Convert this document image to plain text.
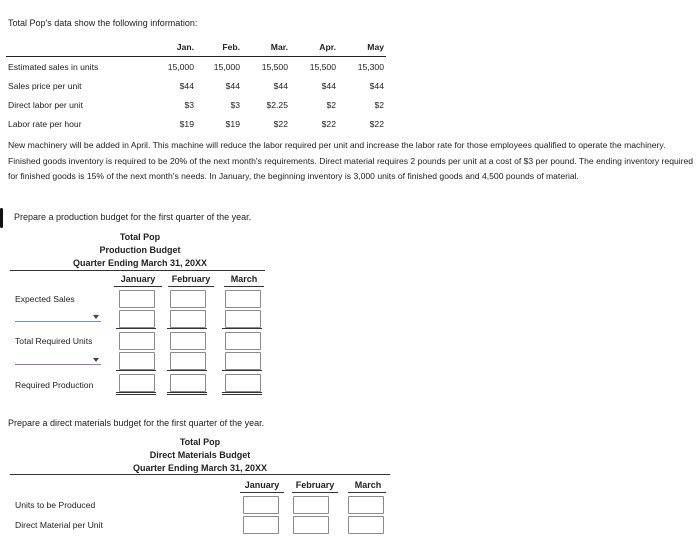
Total Pop's data show the following information:
	Jan.	Feb.	Mar.	Apr.	May
Estimated sales in units	15,000	15,000	15,500	15,500	15,300
Sales price per unit	$44	$44	$44	$44	$44
Direct labor per unit	$3	$3	$2.25	$2	$2
Labor rate per hour	$19	$19	$22	$22	$22
New machinery will be added in April. This machine will reduce the labor required per unit and increase the labor rate for those employees qualified to operate the machinery. Finished goods inventory is required to be 20% of the next month's requirements. Direct material requires 2 pounds per unit at a cost of $3 per pound. The ending inventory required for finished goods is 15% of the next month's needs. In January, the beginning inventory is 3,000 units of finished goods and 4,500 pounds of material.
Prepare a production budget for the first quarter of the year.
Total Pop
Production Budget
Quarter Ending March 31, 20XX
January	February	March
Expected Sales
Total Required Units
Required Production
Prepare a direct materials budget for the first quarter of the year.
Total Pop
Direct Materials Budget
Quarter Ending March 31, 20XX
January	February	March
Units to be Produced
Direct Material per Unit
